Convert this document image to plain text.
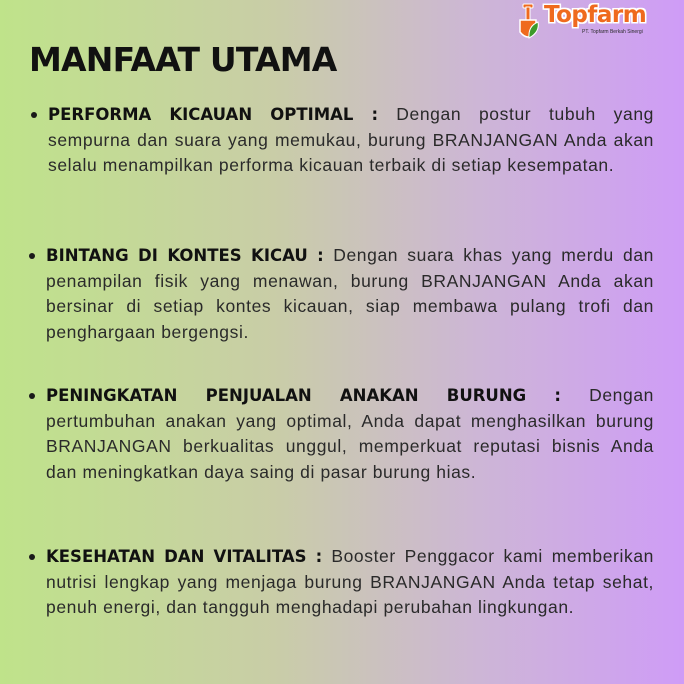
Topfarm
PT. Topfarm Berkah Sinergi
MANFAAT UTAMA

PERFORMA KICAUAN OPTIMAL : Dengan postur tubuh yang sempurna dan suara yang memukau, burung BRANJANGAN Anda akan selalu menampilkan performa kicauan terbaik di setiap kesempatan.

BINTANG DI KONTES KICAU : Dengan suara khas yang merdu dan penampilan fisik yang menawan, burung BRANJANGAN Anda akan bersinar di setiap kontes kicauan, siap membawa pulang trofi dan penghargaan bergengsi.

PENINGKATAN PENJUALAN ANAKAN BURUNG : Dengan pertumbuhan anakan yang optimal, Anda dapat menghasilkan burung BRANJANGAN berkualitas unggul, memperkuat reputasi bisnis Anda dan meningkatkan daya saing di pasar burung hias.

KESEHATAN DAN VITALITAS : Booster Penggacor kami memberikan nutrisi lengkap yang menjaga burung BRANJANGAN Anda tetap sehat, penuh energi, dan tangguh menghadapi perubahan lingkungan.
